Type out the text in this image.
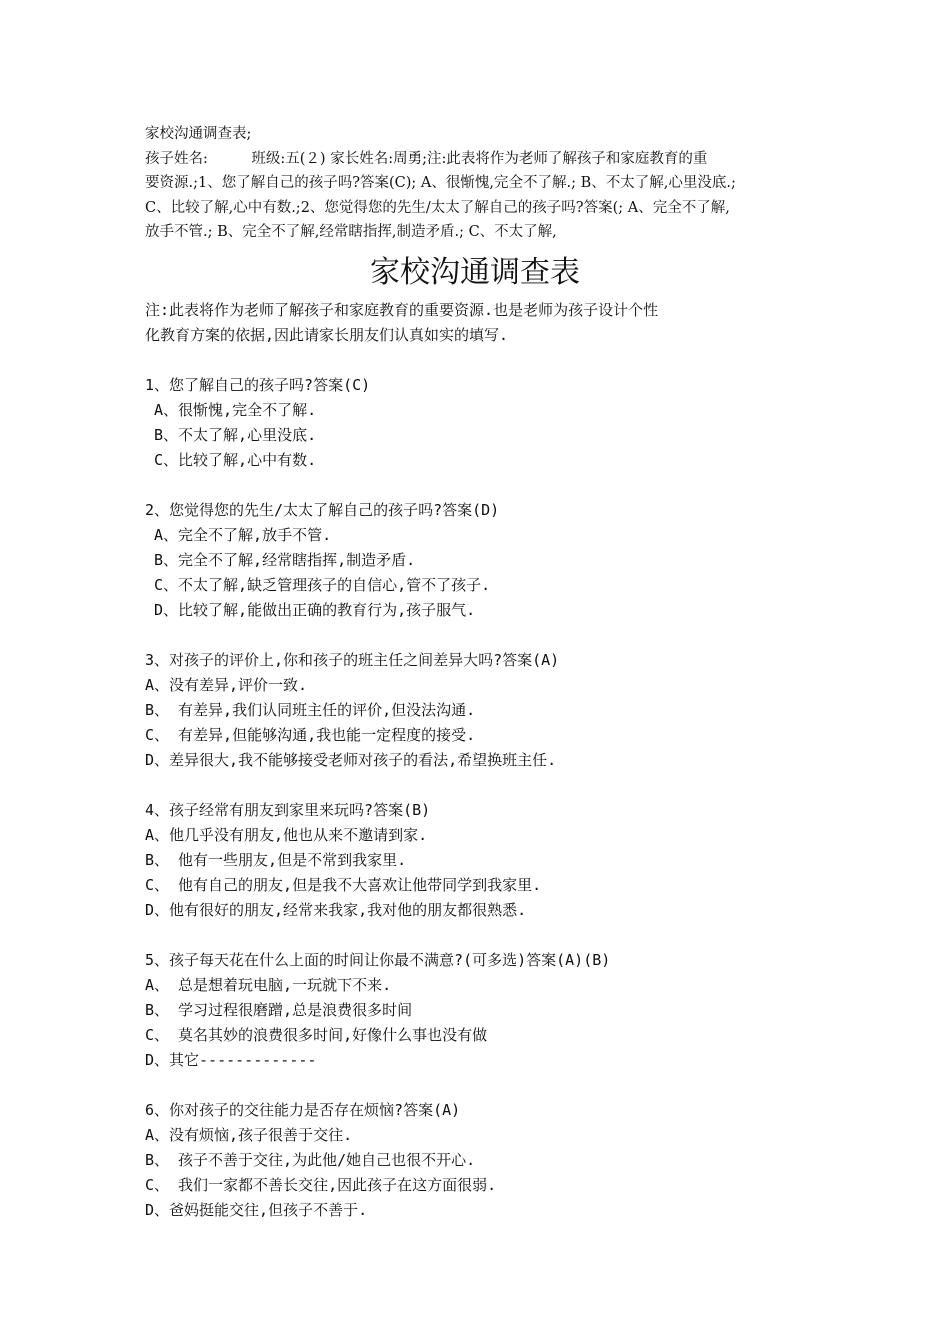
家校沟通调查表;
孩子姓名:　　　班级:五(２) 家长姓名:周勇;注:此表将作为老师了解孩子和家庭教育的重
要资源.;1、您了解自己的孩子吗?答案(C); A、很惭愧,完全不了解.; B、不太了解,心里没底.;
C、比较了解,心中有数.;2、您觉得您的先生/太太了解自己的孩子吗?答案(; A、完全不了解,
放手不管.; B、完全不了解,经常瞎指挥,制造矛盾.; C、不太了解,
家校沟通调查表
注:此表将作为老师了解孩子和家庭教育的重要资源.也是老师为孩子设计个性
化教育方案的依据,因此请家长朋友们认真如实的填写.
1、您了解自己的孩子吗?答案(C)
A、很惭愧,完全不了解.
B、不太了解,心里没底.
C、比较了解,心中有数.
2、您觉得您的先生/太太了解自己的孩子吗?答案(D)
A、完全不了解,放手不管.
B、完全不了解,经常瞎指挥,制造矛盾.
C、不太了解,缺乏管理孩子的自信心,管不了孩子.
D、比较了解,能做出正确的教育行为,孩子服气.
3、对孩子的评价上,你和孩子的班主任之间差异大吗?答案(A)
A、没有差异,评价一致.
B、 有差异,我们认同班主任的评价,但没法沟通.
C、 有差异,但能够沟通,我也能一定程度的接受.
D、差异很大,我不能够接受老师对孩子的看法,希望换班主任.
4、孩子经常有朋友到家里来玩吗?答案(B)
A、他几乎没有朋友,他也从来不邀请到家.
B、 他有一些朋友,但是不常到我家里.
C、 他有自己的朋友,但是我不大喜欢让他带同学到我家里.
D、他有很好的朋友,经常来我家,我对他的朋友都很熟悉.
5、孩子每天花在什么上面的时间让你最不满意?(可多选)答案(A)(B)
A、 总是想着玩电脑,一玩就下不来.
B、 学习过程很磨蹭,总是浪费很多时间
C、 莫名其妙的浪费很多时间,好像什么事也没有做
D、其它-------------
6、你对孩子的交往能力是否存在烦恼?答案(A)
A、没有烦恼,孩子很善于交往.
B、 孩子不善于交往,为此他/她自己也很不开心.
C、 我们一家都不善长交往,因此孩子在这方面很弱.
D、爸妈挺能交往,但孩子不善于.
